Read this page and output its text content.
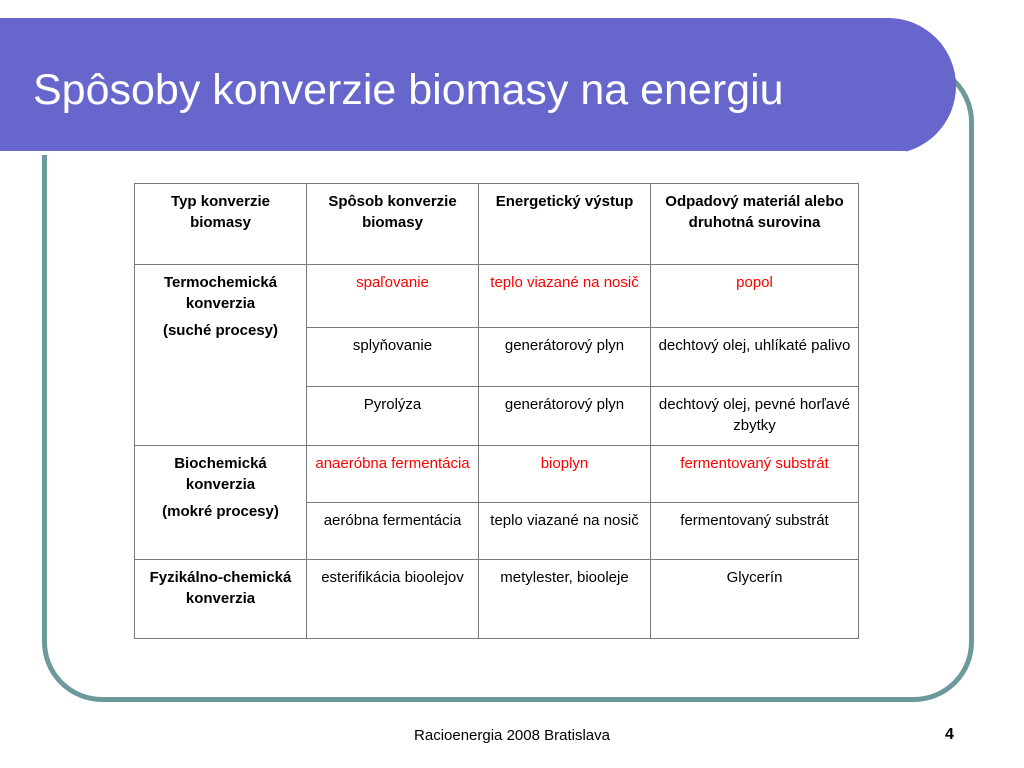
Spôsoby konverzie biomasy na energiu
Typ konverzie biomasy	Spôsob konverzie biomasy	Energetický výstup	Odpadový materiál alebo druhotná surovina

Termochemická konverzia

(suché procesy)	spaľovanie	teplo viazané na nosič	popol
	splyňovanie	generátorový plyn	dechtový olej, uhlíkaté palivo
	Pyrolýza	generátorový plyn	dechtový olej, pevné horľavé zbytky

Biochemická konverzia

(mokré procesy)	anaeróbna fermentácia	bioplyn	fermentovaný substrát
	aeróbna fermentácia	teplo viazané na nosič	fermentovaný substrát

Fyzikálno-chemická konverzia	esterifikácia bioolejov	metylester, biooleje	Glycerín
Racioenergia 2008 Bratislava	4
